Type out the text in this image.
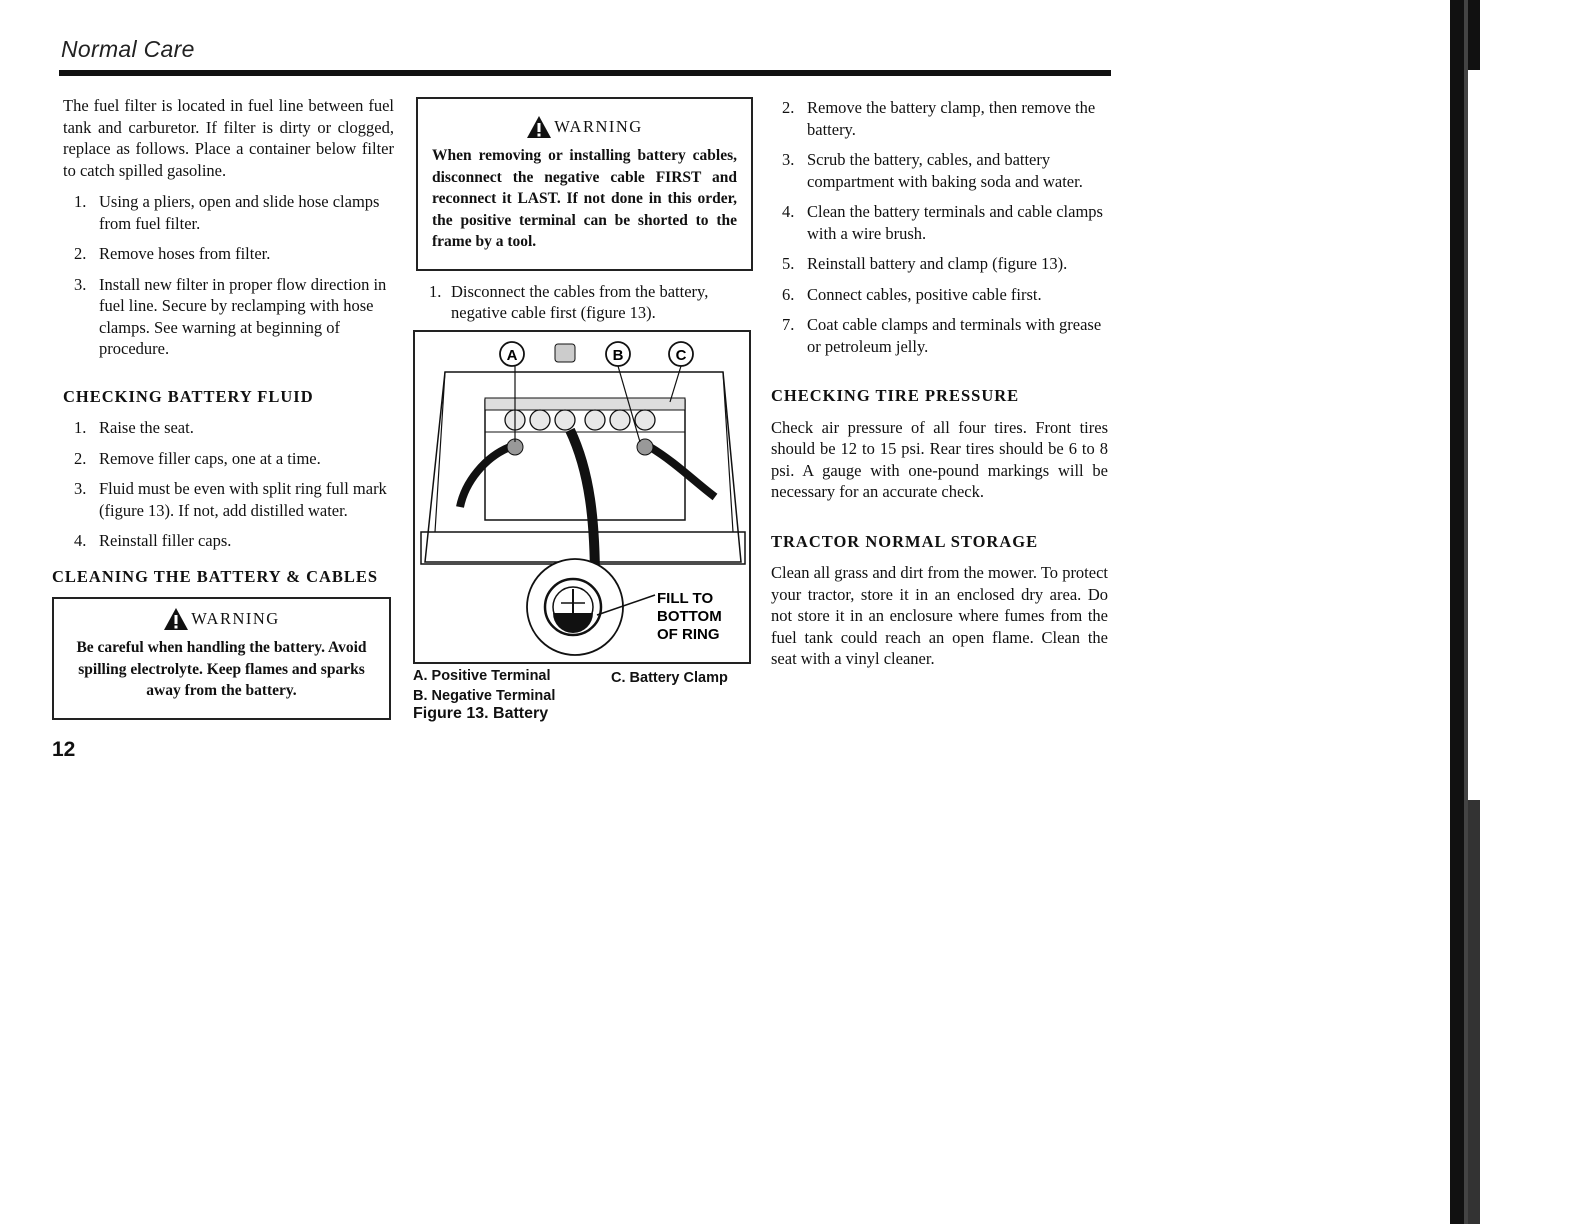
Normal Care

The fuel filter is located in fuel line between fuel tank and carburetor. If filter is dirty or clogged, replace as follows. Place a container below filter to catch spilled gasoline.

1. Using a pliers, open and slide hose clamps from fuel filter.
2. Remove hoses from filter.
3. Install new filter in proper flow direction in fuel line. Secure by reclamping with hose clamps. See warning at beginning of procedure.
CHECKING BATTERY FLUID
1. Raise the seat.
2. Remove filler caps, one at a time.
3. Fluid must be even with split ring full mark (figure 13). If not, add distilled water.
4. Reinstall filler caps.
CLEANING THE BATTERY & CABLES
WARNING

Be careful when handling the battery. Avoid spilling electrolyte. Keep flames and sparks away from the battery.

WARNING

When removing or installing battery cables, disconnect the negative cable FIRST and reconnect it LAST. If not done in this order, the positive terminal can be shorted to the frame by a tool.

1. Disconnect the cables from the battery, negative cable first (figure 13).
A	B	C
FILL TO
BOTTOM
OF RING
A. Positive Terminal
B. Negative Terminal
C. Battery Clamp
Figure 13. Battery
2. Remove the battery clamp, then remove the battery.
3. Scrub the battery, cables, and battery compartment with baking soda and water.
4. Clean the battery terminals and cable clamps with a wire brush.
5. Reinstall battery and clamp (figure 13).
6. Connect cables, positive cable first.
7. Coat cable clamps and terminals with grease or petroleum jelly.
CHECKING TIRE PRESSURE

Check air pressure of all four tires. Front tires should be 12 to 15 psi. Rear tires should be 6 to 8 psi. A gauge with one-pound markings will be necessary for an accurate check.

TRACTOR NORMAL STORAGE

Clean all grass and dirt from the mower. To protect your tractor, store it in an enclosed dry area. Do not store it in an enclosure where fumes from the fuel tank could reach an open flame. Clean the seat with a vinyl cleaner.

12
